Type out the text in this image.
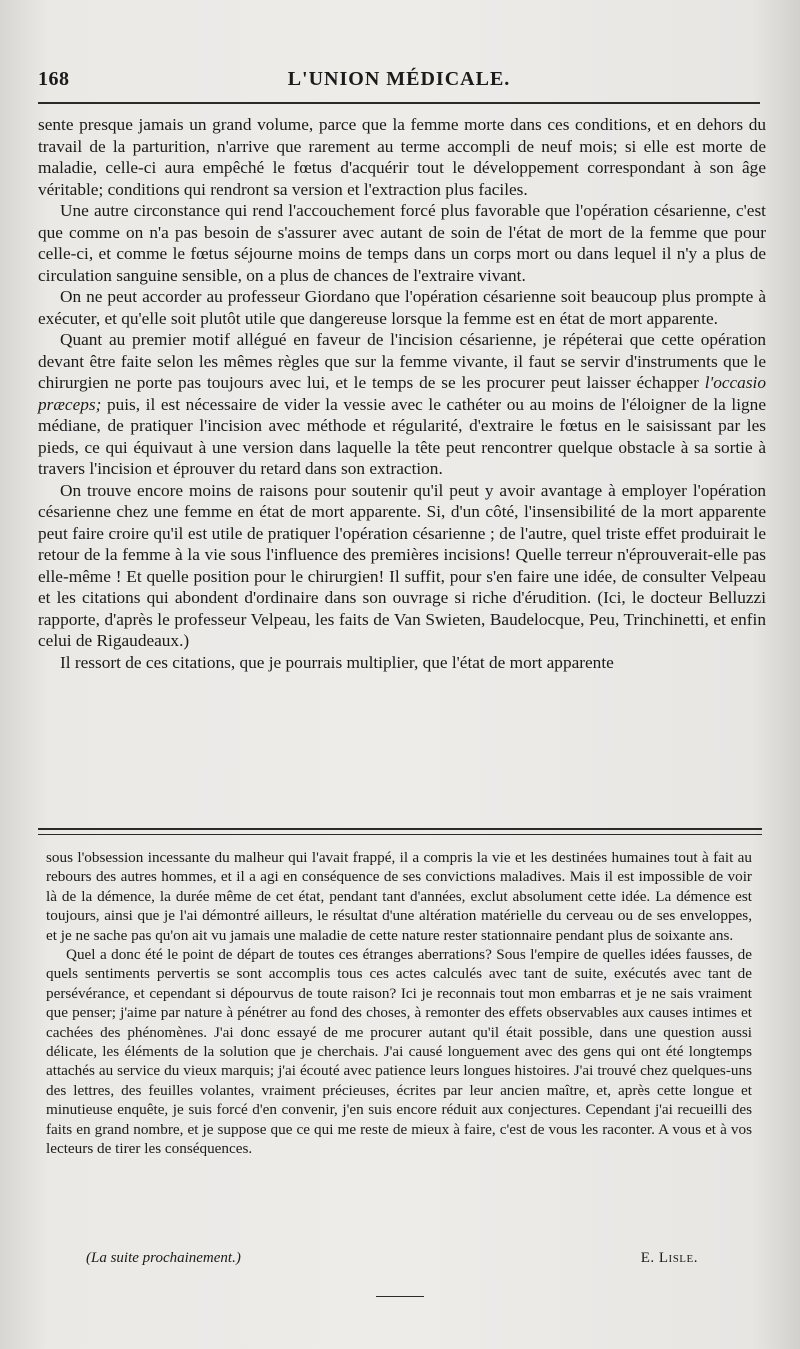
168	L'UNION MÉDICALE.

sente presque jamais un grand volume, parce que la femme morte dans ces conditions, et en dehors du travail de la parturition, n'arrive que rarement au terme accompli de neuf mois; si elle est morte de maladie, celle-ci aura empêché le fœtus d'acquérir tout le développement correspondant à son âge véritable; conditions qui rendront sa version et l'extraction plus faciles.

Une autre circonstance qui rend l'accouchement forcé plus favorable que l'opération césarienne, c'est que comme on n'a pas besoin de s'assurer avec autant de soin de l'état de mort de la femme que pour celle-ci, et comme le fœtus séjourne moins de temps dans un corps mort ou dans lequel il n'y a plus de circulation sanguine sensible, on a plus de chances de l'extraire vivant.

On ne peut accorder au professeur Giordano que l'opération césarienne soit beaucoup plus prompte à exécuter, et qu'elle soit plutôt utile que dangereuse lorsque la femme est en état de mort apparente.

Quant au premier motif allégué en faveur de l'incision césarienne, je répéterai que cette opération devant être faite selon les mêmes règles que sur la femme vivante, il faut se servir d'instruments que le chirurgien ne porte pas toujours avec lui, et le temps de se les procurer peut laisser échapper l'occasio præceps; puis, il est nécessaire de vider la vessie avec le cathéter ou au moins de l'éloigner de la ligne médiane, de pratiquer l'incision avec méthode et régularité, d'extraire le fœtus en le saisissant par les pieds, ce qui équivaut à une version dans laquelle la tête peut rencontrer quelque obstacle à sa sortie à travers l'incision et éprouver du retard dans son extraction.

On trouve encore moins de raisons pour soutenir qu'il peut y avoir avantage à employer l'opération césarienne chez une femme en état de mort apparente. Si, d'un côté, l'insensibilité de la mort apparente peut faire croire qu'il est utile de pratiquer l'opération césarienne ; de l'autre, quel triste effet produirait le retour de la femme à la vie sous l'influence des premières incisions! Quelle terreur n'éprouverait-elle pas elle-même ! Et quelle position pour le chirurgien! Il suffit, pour s'en faire une idée, de consulter Velpeau et les citations qui abondent d'ordinaire dans son ouvrage si riche d'érudition. (Ici, le docteur Belluzzi rapporte, d'après le professeur Velpeau, les faits de Van Swieten, Baudelocque, Peu, Trinchinetti, et enfin celui de Rigaudeaux.)

Il ressort de ces citations, que je pourrais multiplier, que l'état de mort apparente

sous l'obsession incessante du malheur qui l'avait frappé, il a compris la vie et les destinées humaines tout à fait au rebours des autres hommes, et il a agi en conséquence de ses convictions maladives. Mais il est impossible de voir là de la démence, la durée même de cet état, pendant tant d'années, exclut absolument cette idée. La démence est toujours, ainsi que je l'ai démontré ailleurs, le résultat d'une altération matérielle du cerveau ou de ses enveloppes, et je ne sache pas qu'on ait vu jamais une maladie de cette nature rester stationnaire pendant plus de soixante ans.

Quel a donc été le point de départ de toutes ces étranges aberrations? Sous l'empire de quelles idées fausses, de quels sentiments pervertis se sont accomplis tous ces actes calculés avec tant de suite, exécutés avec tant de persévérance, et cependant si dépourvus de toute raison? Ici je reconnais tout mon embarras et je ne sais vraiment que penser; j'aime par nature à pénétrer au fond des choses, à remonter des effets observables aux causes intimes et cachées des phénomènes. J'ai donc essayé de me procurer autant qu'il était possible, dans une question aussi délicate, les éléments de la solution que je cherchais. J'ai causé longuement avec des gens qui ont été longtemps attachés au service du vieux marquis; j'ai écouté avec patience leurs longues histoires. J'ai trouvé chez quelques-uns des lettres, des feuilles volantes, vraiment précieuses, écrites par leur ancien maître, et, après cette longue et minutieuse enquête, je suis forcé d'en convenir, j'en suis encore réduit aux conjectures. Cependant j'ai recueilli des faits en grand nombre, et je suppose que ce qui me reste de mieux à faire, c'est de vous les raconter. A vous et à vos lecteurs de tirer les conséquences.

(La suite prochainement.)	E. Lisle.
